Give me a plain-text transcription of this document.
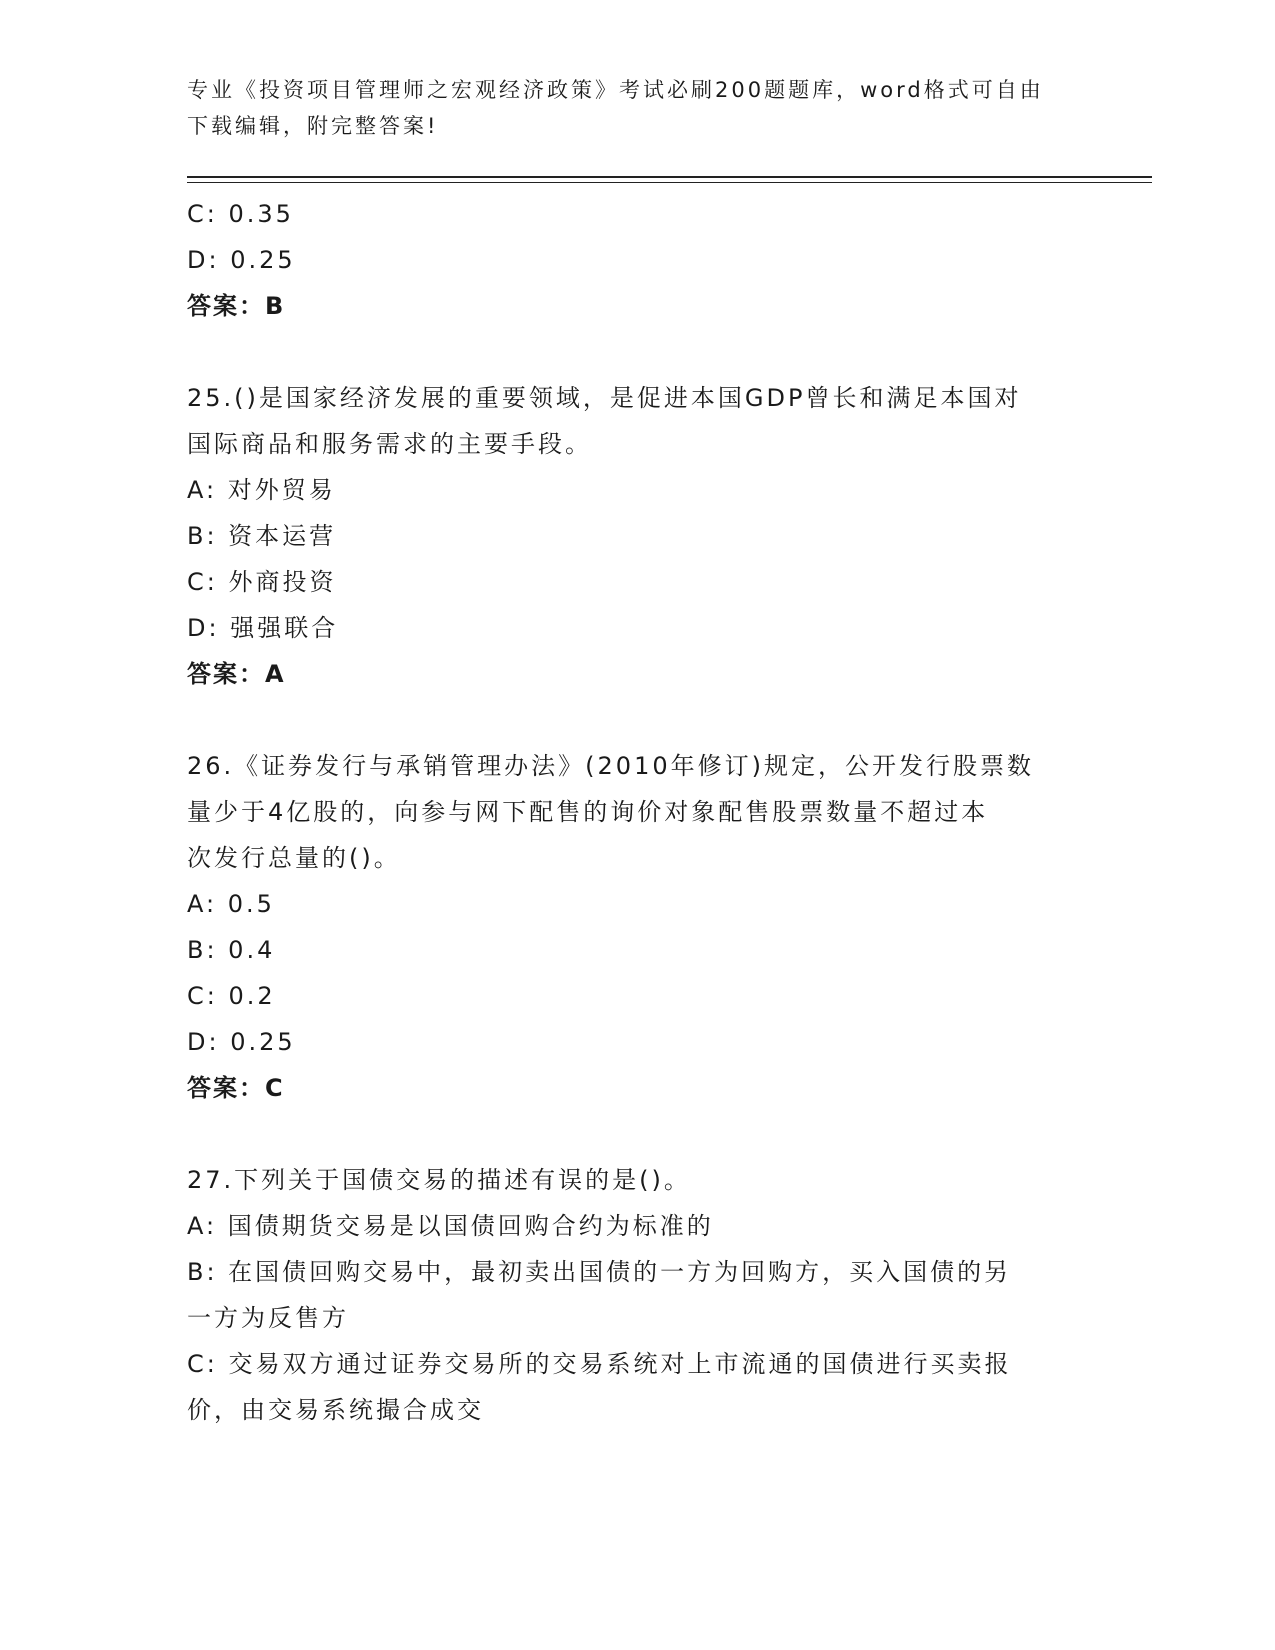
专业《投资项目管理师之宏观经济政策》考试必刷200题题库，word格式可自由
下载编辑，附完整答案!
C: 0.35
D: 0.25
答案：B
25.()是国家经济发展的重要领域，是促进本国GDP曾长和满足本国对
国际商品和服务需求的主要手段。
A: 对外贸易
B: 资本运营
C: 外商投资
D: 强强联合
答案：A
26.《证券发行与承销管理办法》(2010年修订)规定，公开发行股票数
量少于4亿股的，向参与网下配售的询价对象配售股票数量不超过本
次发行总量的()。
A: 0.5
B: 0.4
C: 0.2
D: 0.25
答案：C
27.下列关于国债交易的描述有误的是()。
A: 国债期货交易是以国债回购合约为标准的
B: 在国债回购交易中，最初卖出国债的一方为回购方，买入国债的另
一方为反售方
C: 交易双方通过证券交易所的交易系统对上市流通的国债进行买卖报
价，由交易系统撮合成交
